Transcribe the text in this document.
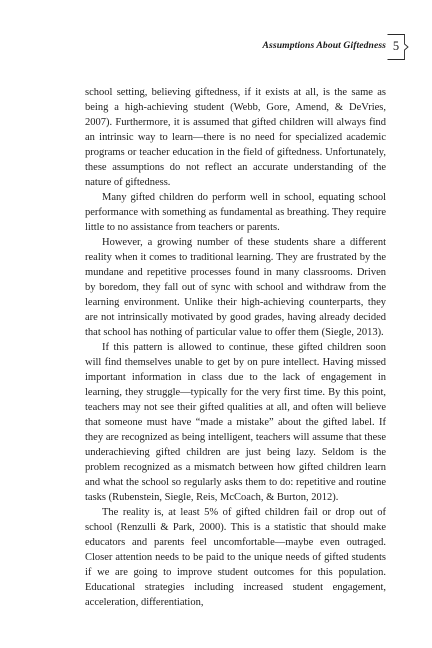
Assumptions About Giftedness 5

school setting, believing giftedness, if it exists at all, is the same as being a high-achieving student (Webb, Gore, Amend, & DeVries, 2007). Furthermore, it is assumed that gifted children will always find an intrinsic way to learn—there is no need for specialized academic programs or teacher education in the field of giftedness. Unfortunately, these assumptions do not reflect an accurate understanding of the nature of giftedness.

Many gifted children do perform well in school, equating school performance with something as fundamental as breathing. They require little to no assistance from teachers or parents.

However, a growing number of these students share a different reality when it comes to traditional learning. They are frustrated by the mundane and repetitive processes found in many classrooms. Driven by boredom, they fall out of sync with school and withdraw from the learning environment. Unlike their high-achieving counterparts, they are not intrinsically motivated by good grades, having already decided that school has nothing of particular value to offer them (Siegle, 2013).

If this pattern is allowed to continue, these gifted children soon will find themselves unable to get by on pure intellect. Having missed important information in class due to the lack of engagement in learning, they struggle—typically for the very first time. By this point, teachers may not see their gifted qualities at all, and often will believe that someone must have “made a mistake” about the gifted label. If they are recognized as being intelligent, teachers will assume that these underachieving gifted children are just being lazy. Seldom is the problem recognized as a mismatch between how gifted children learn and what the school so regularly asks them to do: repetitive and routine tasks (Rubenstein, Siegle, Reis, McCoach, & Burton, 2012).

The reality is, at least 5% of gifted children fail or drop out of school (Renzulli & Park, 2000). This is a statistic that should make educators and parents feel uncomfortable—maybe even outraged. Closer attention needs to be paid to the unique needs of gifted students if we are going to improve student outcomes for this population. Educational strategies including increased student engagement, acceleration, differentiation,
